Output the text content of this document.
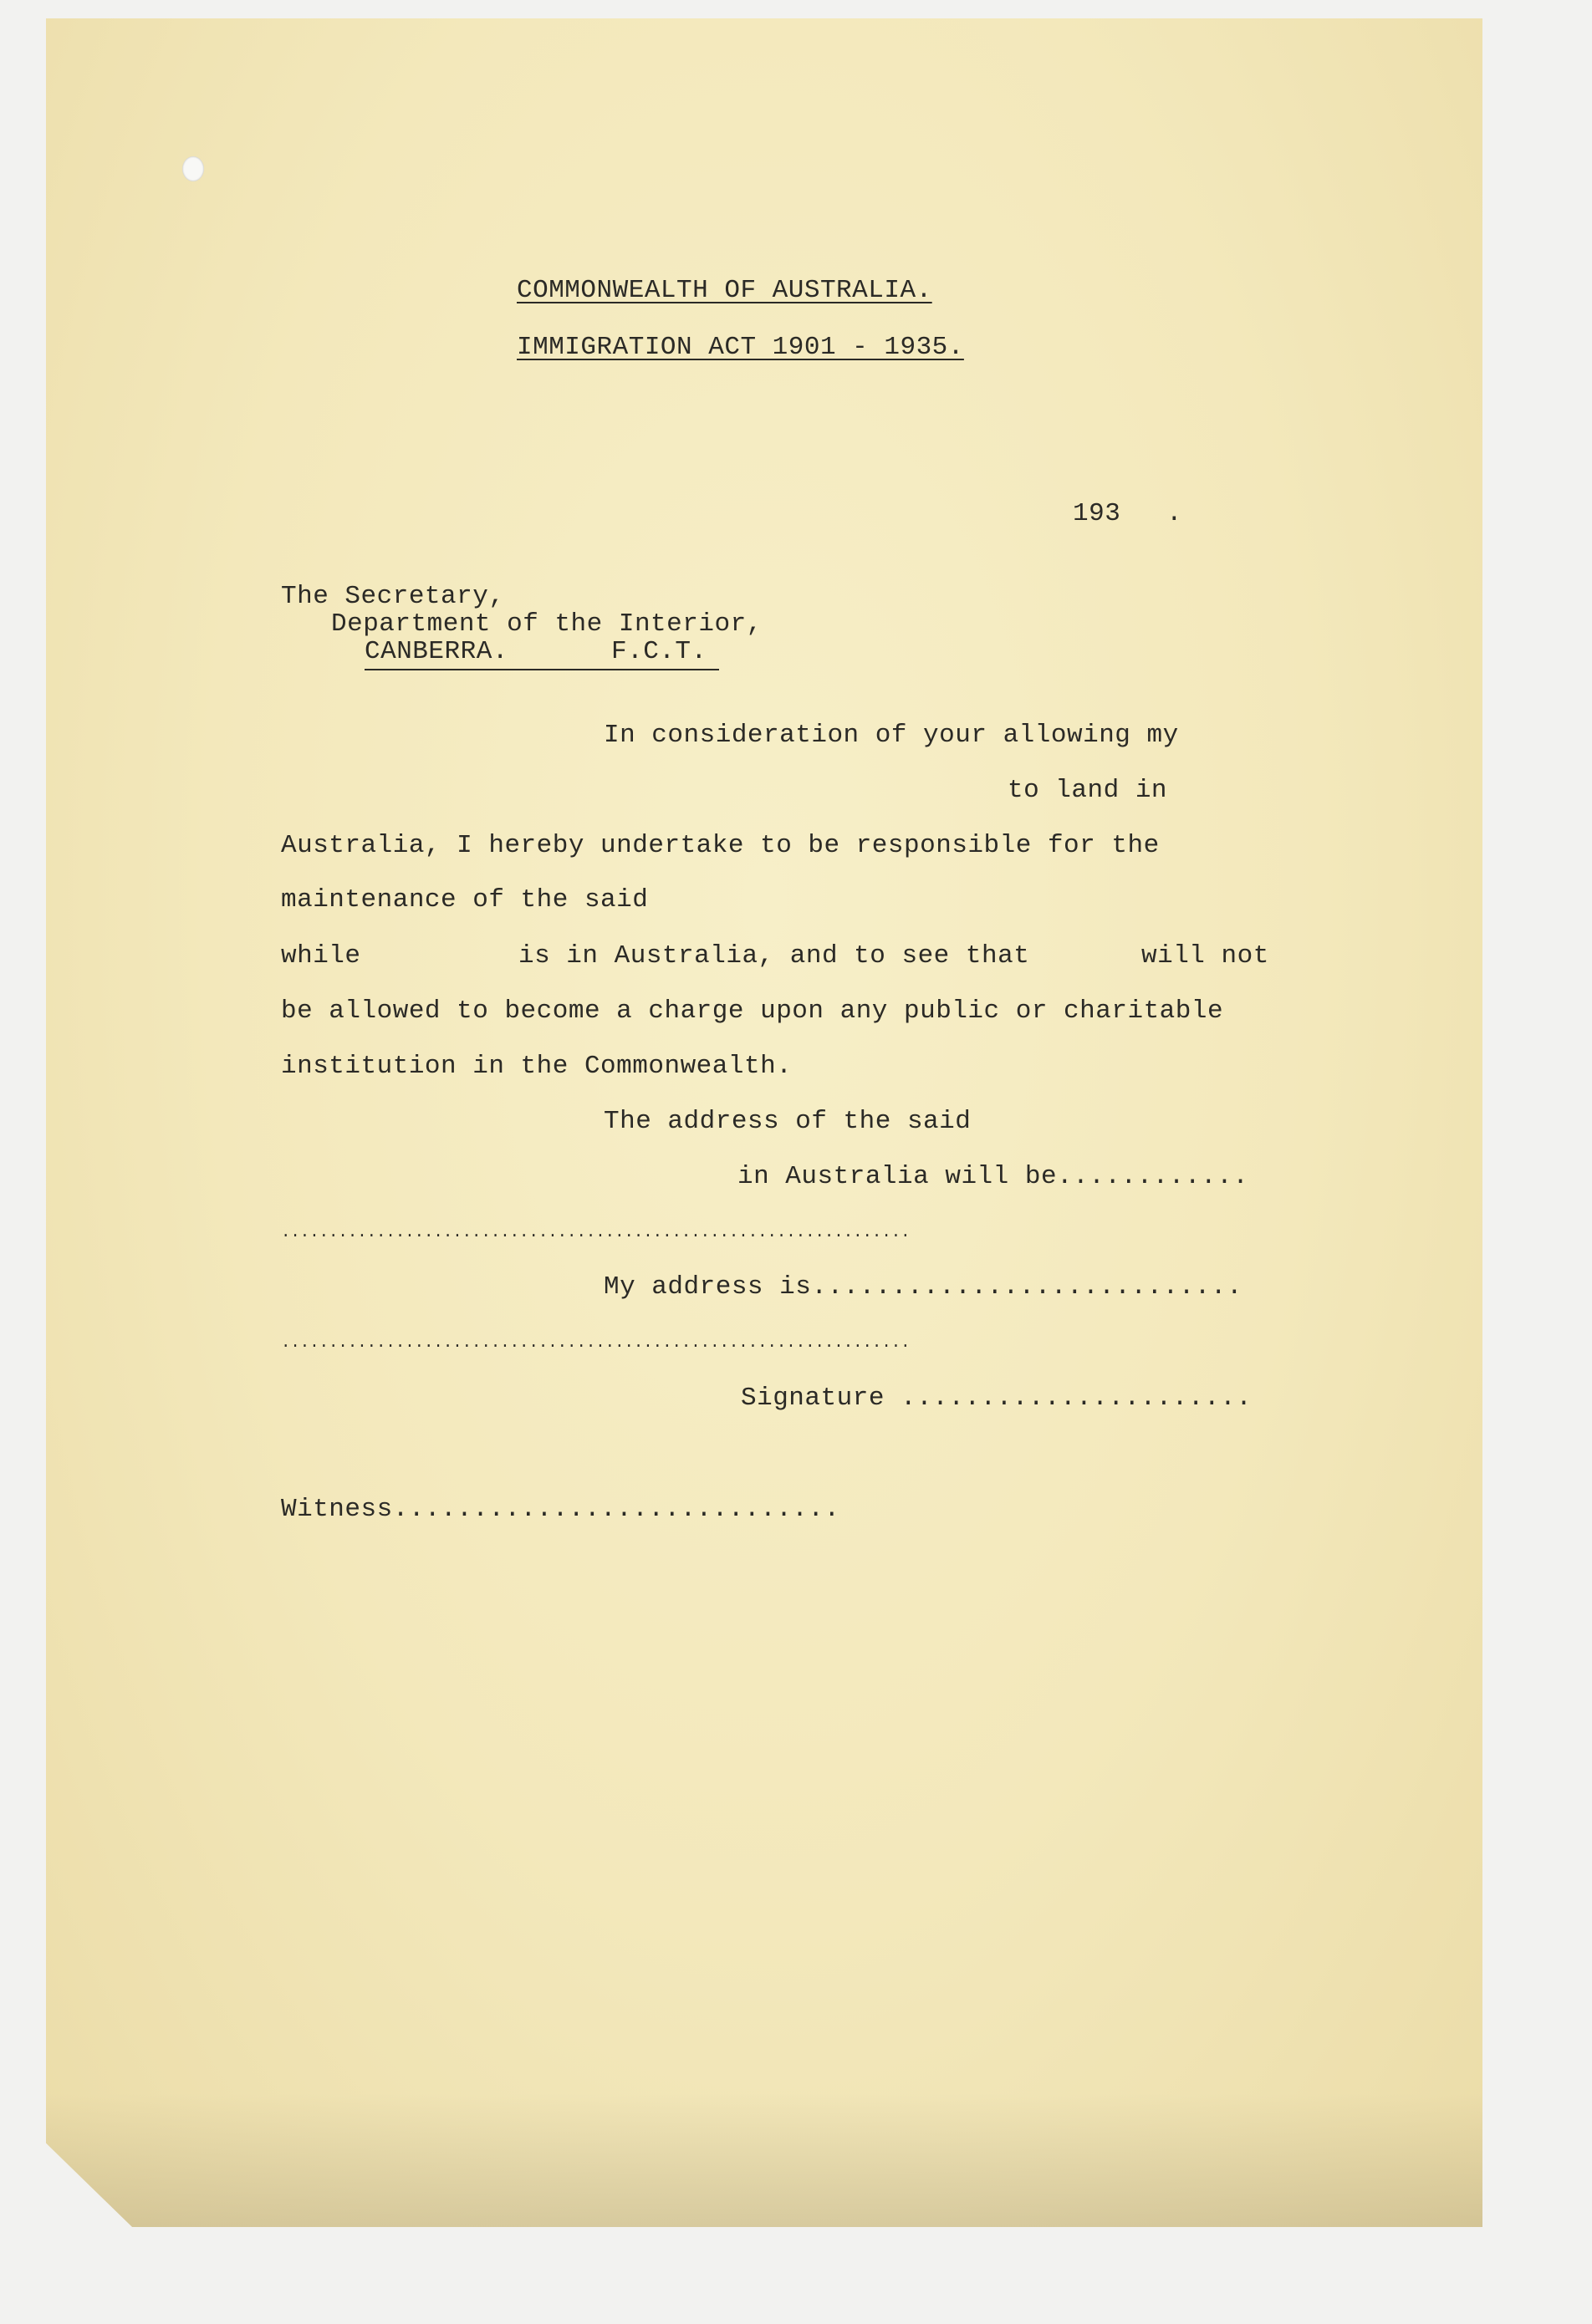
COMMONWEALTH OF AUSTRALIA.

IMMIGRATION ACT 1901 - 1935.

193 .

The Secretary,

Department of the Interior,

CANBERRA.	F.C.T.

In consideration of your allowing my

to land in

Australia, I hereby undertake to be responsible for the

maintenance of the said

while	is in Australia, and to see that	will not

be allowed to become a charge upon any public or charitable

institution in the Commonwealth.

The address of the said

in Australia will be............

..................................................................

My address is...........................

..................................................................

Signature ......................

Witness............................
